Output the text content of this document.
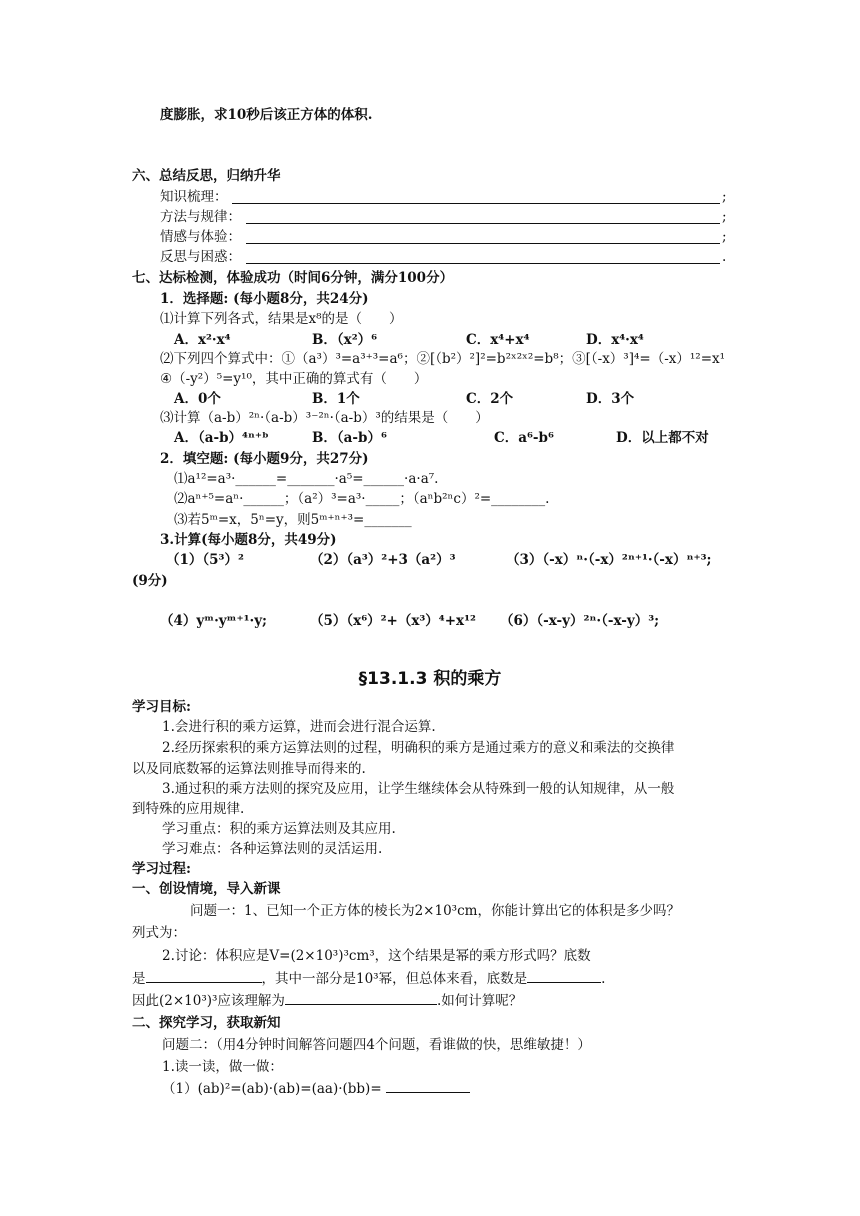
度膨胀，求10秒后该正方体的体积.
六、总结反思，归纳升华
知识梳理：	;
方法与规律：	;
情感与体验：	;
反思与困惑：	.
七、达标检测，体验成功（时间6分钟，满分100分）
1．选择题: (每小题8分，共24分)
⑴计算下列各式，结果是x⁸的是（　　）
A．x²·x⁴	B．（x²）⁶	C．x⁴+x⁴	D．x⁴·x⁴
⑵下列四个算式中：①（a³）³=a³⁺³=a⁶；②[（b²）²]²=b²ˣ²ˣ²=b⁸；③[（-x）³]⁴=（-x）¹²=x¹
④（-y²）⁵=y¹⁰，其中正确的算式有（　　）
A．0个	B．1个	C．2个	D．3个
⑶计算（a-b）²ⁿ·（a-b）³⁻²ⁿ·（a-b）³的结果是（　　）
A．（a-b）⁴ⁿ⁺ᵇ	B．（a-b）⁶	C．a⁶-b⁶	D．以上都不对
2．填空题: (每小题9分，共27分)
⑴a¹²=a³·______=_______·a⁵=______·a·a⁷.
⑵aⁿ⁺⁵=aⁿ·______；（a²）³=a³·_____；（aⁿb²ⁿc）²=________.
⑶若5ᵐ=x，5ⁿ=y，则5ᵐ⁺ⁿ⁺³=_______
3.计算(每小题8分，共49分)
（1）（5³）²	（2）（a³）²+3（a²）³	（3）（-x）ⁿ·（-x）²ⁿ⁺¹·（-x）ⁿ⁺³;
(9分)
（4）yᵐ·yᵐ⁺¹·y;	（5）（x⁶）²+（x³）⁴+x¹² （6）（-x-y）²ⁿ·（-x-y）³;
§13.1.3 积的乘方
学习目标:
1.会进行积的乘方运算，进而会进行混合运算.
2.经历探索积的乘方运算法则的过程，明确积的乘方是通过乘方的意义和乘法的交换律
以及同底数幂的运算法则推导而得来的.
3.通过积的乘方法则的探究及应用，让学生继续体会从特殊到一般的认知规律，从一般
到特殊的应用规律.
学习重点：积的乘方运算法则及其应用.
学习难点：各种运算法则的灵活运用.
学习过程:
一、创设情境，导入新课
问题一：1、已知一个正方体的棱长为2×10³cm，你能计算出它的体积是多少吗？
列式为：
2.讨论：体积应是V=(2×10³)³cm³，这个结果是幂的乘方形式吗？底数
是	，其中一部分是10³幂，但总体来看，底数是	.
因此(2×10³)³应该理解为	.如何计算呢？
二、探究学习，获取新知
问题二：（用4分钟时间解答问题四4个问题，看谁做的快，思维敏捷！）
1.读一读，做一做：
（1）(ab)²=(ab)·(ab)=(aa)·(bb)=
